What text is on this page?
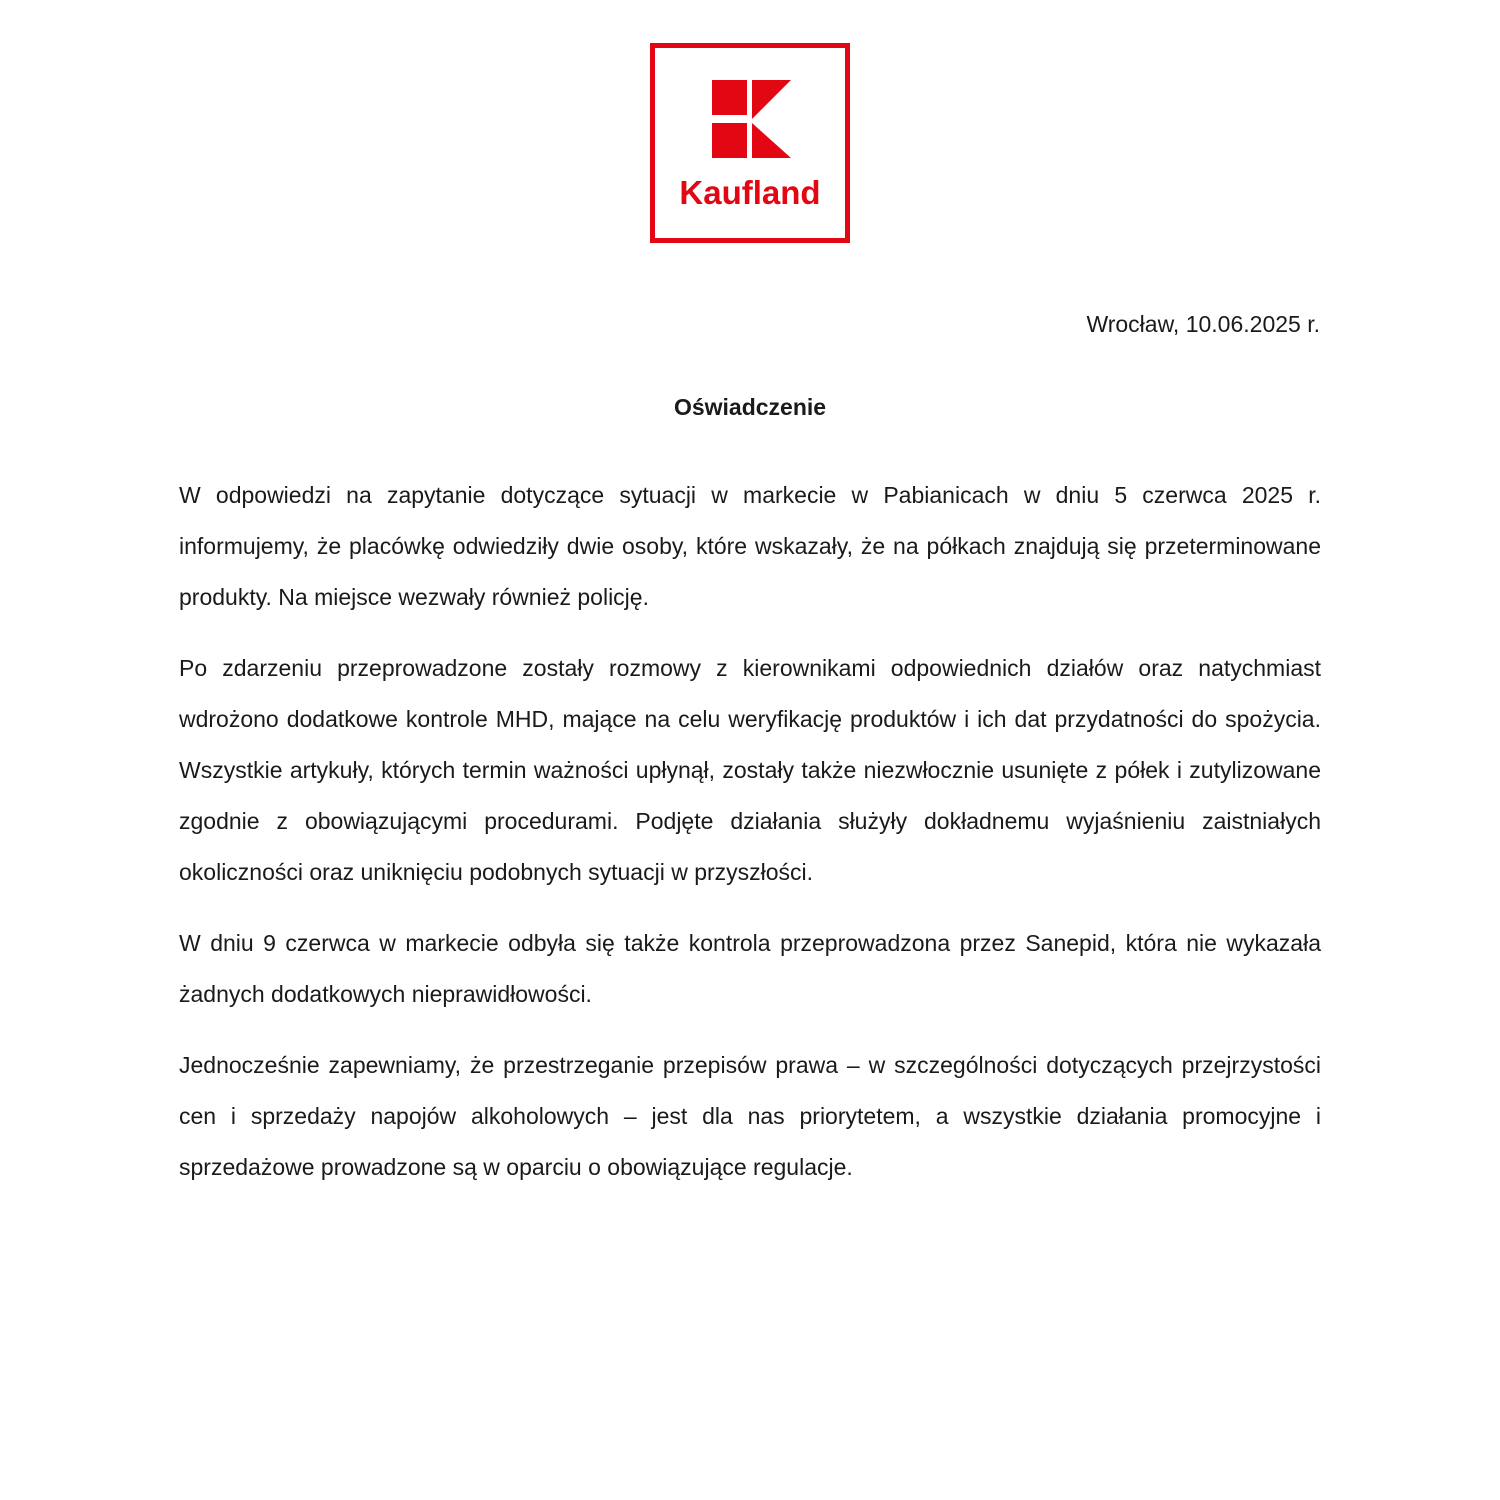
Kaufland

Wrocław, 10.06.2025 r.

Oświadczenie

W odpowiedzi na zapytanie dotyczące sytuacji w markecie w Pabianicach w dniu 5 czerwca 2025 r. informujemy, że placówkę odwiedziły dwie osoby, które wskazały, że na półkach znajdują się przeterminowane produkty. Na miejsce wezwały również policję.

Po zdarzeniu przeprowadzone zostały rozmowy z kierownikami odpowiednich działów oraz natychmiast wdrożono dodatkowe kontrole MHD, mające na celu weryfikację produktów i ich dat przydatności do spożycia. Wszystkie artykuły, których termin ważności upłynął, zostały także niezwłocznie usunięte z półek i zutylizowane zgodnie z obowiązującymi procedurami. Podjęte działania służyły dokładnemu wyjaśnieniu zaistniałych okoliczności oraz uniknięciu podobnych sytuacji w przyszłości.

W dniu 9 czerwca w markecie odbyła się także kontrola przeprowadzona przez Sanepid, która nie wykazała żadnych dodatkowych nieprawidłowości.

Jednocześnie zapewniamy, że przestrzeganie przepisów prawa – w szczególności dotyczących przejrzystości cen i sprzedaży napojów alkoholowych – jest dla nas priorytetem, a wszystkie działania promocyjne i sprzedażowe prowadzone są w oparciu o obowiązujące regulacje.
